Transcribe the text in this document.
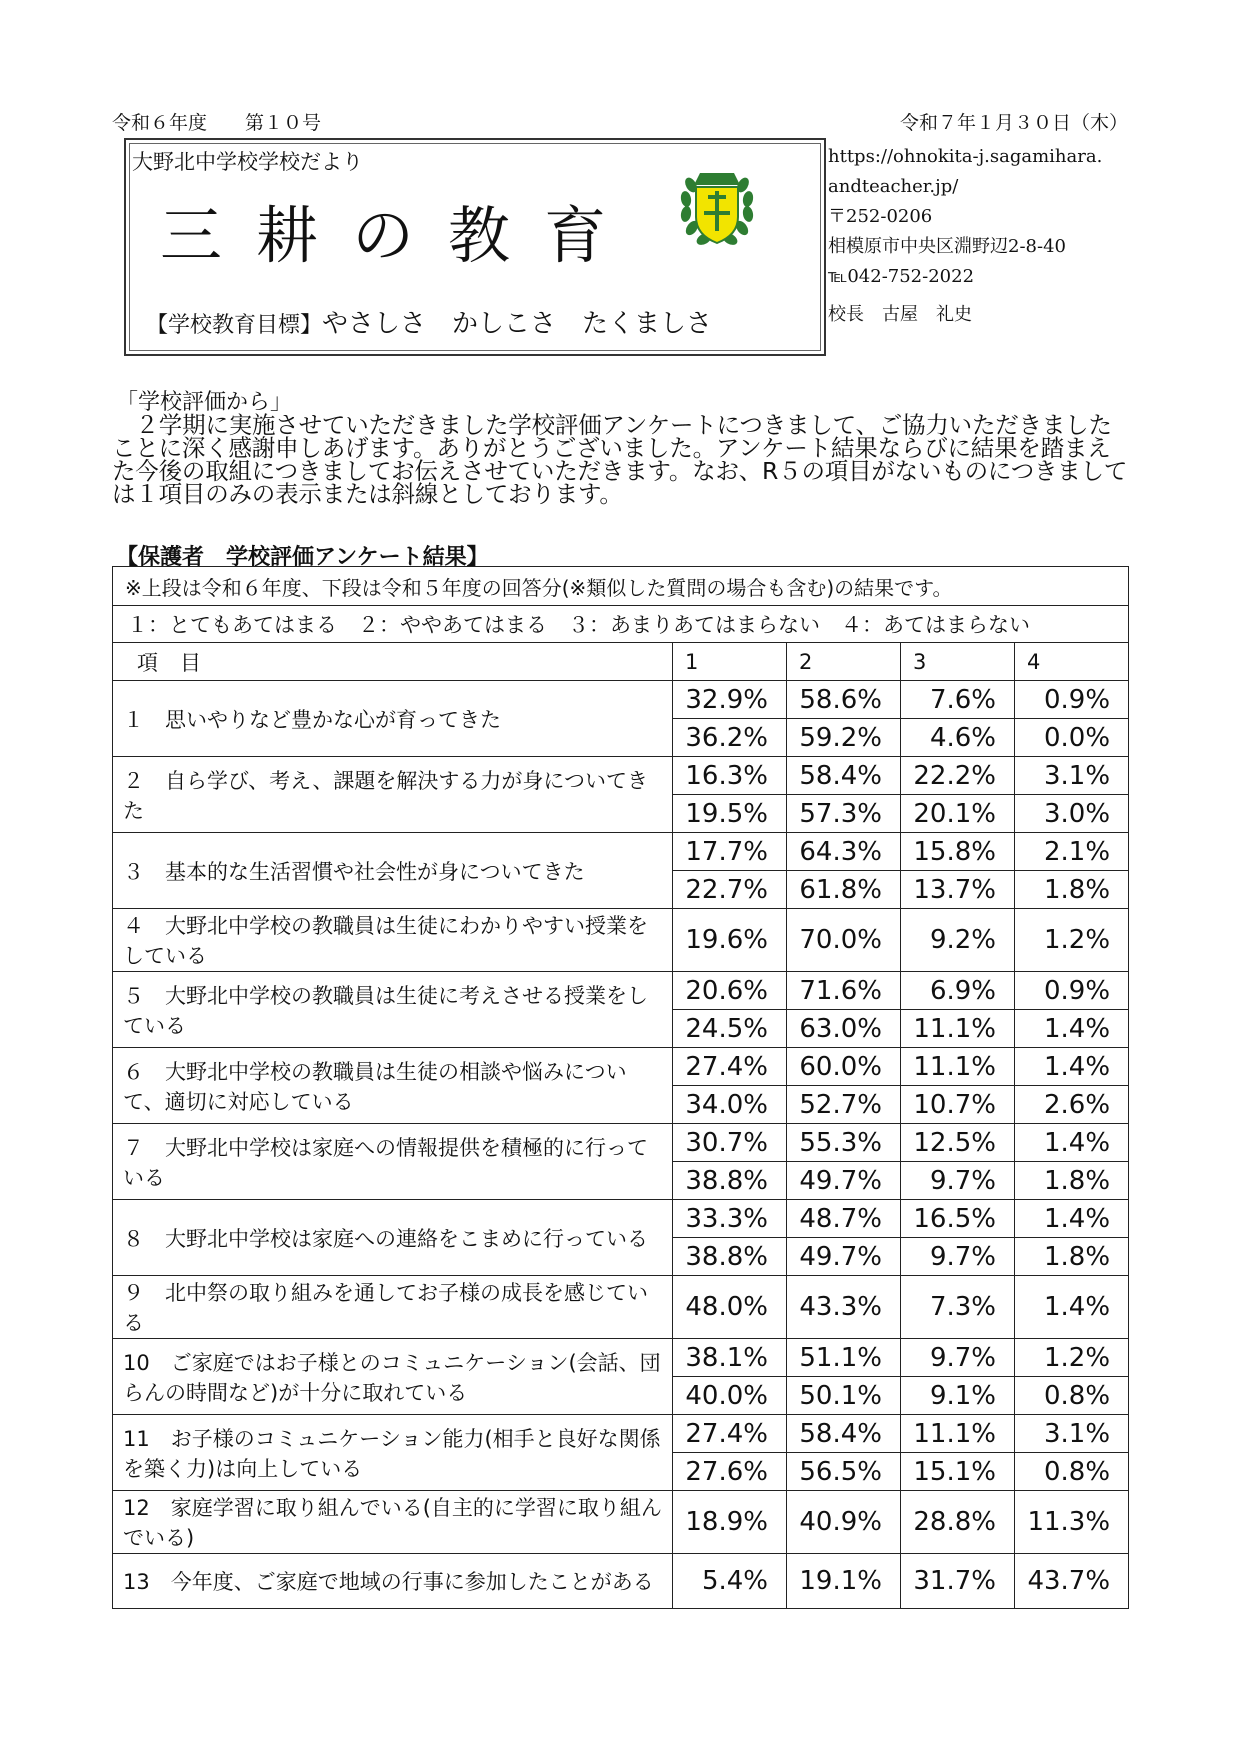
令和６年度　　第１０号	令和７年１月３０日（木）
大野北中学校学校だより
三耕の教育
【学校教育目標】やさしさ　かしこさ　たくましさ
https://ohnokita-j.sagamihara.
andteacher.jp/
〒252-0206
相模原市中央区淵野辺2-8-40
℡042-752-2022
校長　古屋　礼史
「学校評価から」

２学期に実施させていただきました学校評価アンケートにつきまして、ご協力いただきましたことに深く感謝申しあげます。ありがとうございました。アンケート結果ならびに結果を踏まえた今後の取組につきましてお伝えさせていただきます。なお、R５の項目がないものにつきましては１項目のみの表示または斜線としております。

【保護者　学校評価アンケート結果】
※上段は令和６年度、下段は令和５年度の回答分(※類似した質問の場合も含む)の結果です。				
１：とてもあてはまる　２：ややあてはまる　３：あまりあてはまらない　４：あてはまらない				
項目	1	2	3	4
１　思いやりなど豊かな心が育ってきた	32.9%	58.6%	7.6%	0.9%
	36.2%	59.2%	4.6%	0.0%
２　自ら学び、考え、課題を解決する力が身についてきた	16.3%	58.4%	22.2%	3.1%
	19.5%	57.3%	20.1%	3.0%
３　基本的な生活習慣や社会性が身についてきた	17.7%	64.3%	15.8%	2.1%
	22.7%	61.8%	13.7%	1.8%
４　大野北中学校の教職員は生徒にわかりやすい授業をしている	19.6%	70.0%	9.2%	1.2%
５　大野北中学校の教職員は生徒に考えさせる授業をしている	20.6%	71.6%	6.9%	0.9%
	24.5%	63.0%	11.1%	1.4%
６　大野北中学校の教職員は生徒の相談や悩みについて、適切に対応している	27.4%	60.0%	11.1%	1.4%
	34.0%	52.7%	10.7%	2.6%
７　大野北中学校は家庭への情報提供を積極的に行っている	30.7%	55.3%	12.5%	1.4%
	38.8%	49.7%	9.7%	1.8%
８　大野北中学校は家庭への連絡をこまめに行っている	33.3%	48.7%	16.5%	1.4%
	38.8%	49.7%	9.7%	1.8%
９　北中祭の取り組みを通してお子様の成長を感じている	48.0%	43.3%	7.3%	1.4%
10　ご家庭ではお子様とのコミュニケーション(会話、団らんの時間など)が十分に取れている	38.1%	51.1%	9.7%	1.2%
	40.0%	50.1%	9.1%	0.8%
11　お子様のコミュニケーション能力(相手と良好な関係を築く力)は向上している	27.4%	58.4%	11.1%	3.1%
	27.6%	56.5%	15.1%	0.8%
12　家庭学習に取り組んでいる(自主的に学習に取り組んでいる)	18.9%	40.9%	28.8%	11.3%
13　今年度、ご家庭で地域の行事に参加したことがある	5.4%	19.1%	31.7%	43.7%
